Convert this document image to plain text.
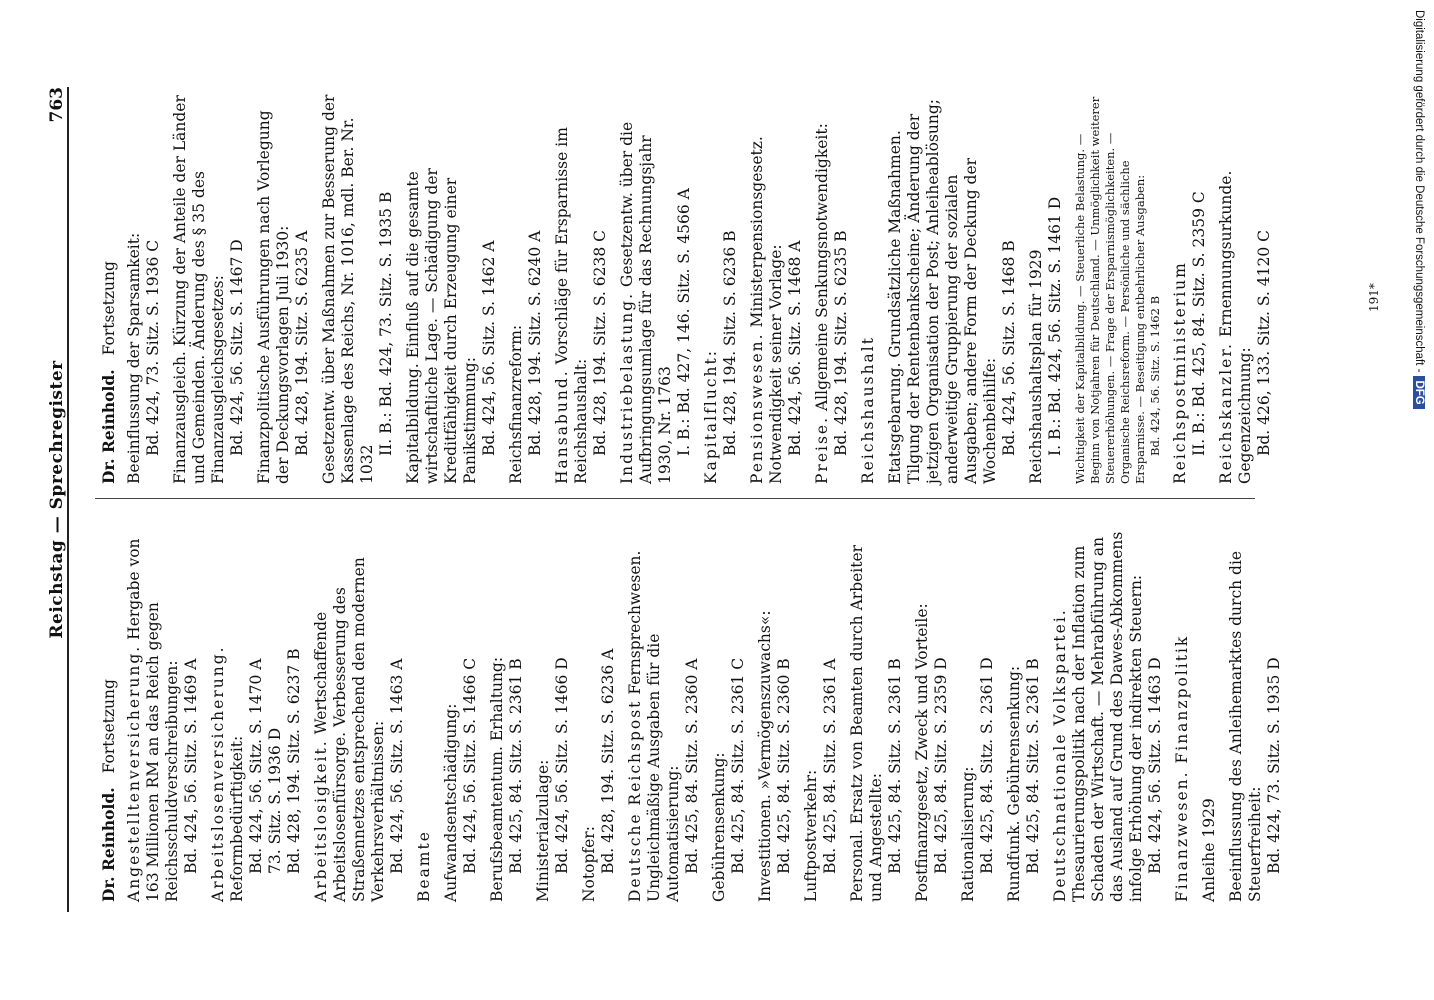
Reichstag — Sprechregister
763
Dr. Reinhold.Fortsetzung Angestelltenversicherung. Hergabe von 163 Millionen RM an das Reich gegen Reichsschuldverschreibungen: Bd. 424, 56. Sitz. S. 1469 A Arbeitslosenversicherung. Reformbedürftigkeit: Bd. 424, 56. Sitz. S. 1470 A 73. Sitz. S. 1936 D Bd. 428, 194. Sitz. S. 6237 B Arbeitslosigkeit. Wertschaffende Arbeitslosenfürsorge. Verbesserung des Straßennetzes entsprechend den modernen Verkehrsverhältnissen: Bd. 424, 56. Sitz. S. 1463 A Beamte Aufwandsentschädigung: Bd. 424, 56. Sitz. S. 1466 C Berufsbeamtentum. Erhaltung: Bd. 425, 84. Sitz. S. 2361 B Ministerialzulage: Bd. 424, 56. Sitz. S. 1466 D Notopfer: Bd. 428, 194. Sitz. S. 6236 A Deutsche Reichspost Fernsprechwesen. Ungleichmäßige Ausgaben für die Automatisierung: Bd. 425, 84. Sitz. S. 2360 A Gebührensenkung: Bd. 425, 84. Sitz. S. 2361 C Investitionen. »Vermögenszuwachs«: Bd. 425, 84. Sitz. S. 2360 B Luftpostverkehr: Bd. 425, 84. Sitz. S. 2361 A Personal. Ersatz von Beamten durch Arbeiter und Angestellte: Bd. 425, 84. Sitz. S. 2361 B Postfinanzgesetz, Zweck und Vorteile: Bd. 425, 84. Sitz. S. 2359 D Rationalisierung: Bd. 425, 84. Sitz. S. 2361 D Rundfunk. Gebührensenkung: Bd. 425, 84. Sitz. S. 2361 B Deutschnationale Volkspartei. Thesaurierungspolitik nach der Inflation zum Schaden der Wirtschaft. — Mehrabführung an das Ausland auf Grund des Dawes-Abkommens infolge Erhöhung der indirekten Steuern: Bd. 424, 56. Sitz. S. 1463 D Finanzwesen. Finanzpolitik Anleihe 1929 Beeinflussung des Anleihemarktes durch die Steuerfreiheit: Bd. 424, 73. Sitz. S. 1935 D
Dr. Reinhold.Fortsetzung Beeinflussung der Sparsamkeit: Bd. 424, 73. Sitz. S. 1936 C Finanzausgleich. Kürzung der Anteile der Länder und Gemeinden. Änderung des § 35 des Finanzausgleichsgesetzes: Bd. 424, 56. Sitz. S. 1467 D Finanzpolitische Ausführungen nach Vorlegung der Deckungsvorlagen Juli 1930: Bd. 428, 194. Sitz. S. 6235 A Gesetzentw. über Maßnahmen zur Besserung der Kassenlage des Reichs, Nr. 1016, mdl. Ber. Nr. 1032
II. B.: Bd. 424, 73. Sitz. S. 1935 B Kapitalbildung. Einfluß auf die gesamte wirtschaftliche Lage. — Schädigung der Kreditfähigkeit durch Erzeugung einer Panikstimmung: Bd. 424, 56. Sitz. S. 1462 A Reichsfinanzreform: Bd. 428, 194. Sitz. S. 6240 A Hansabund. Vorschläge für Ersparnisse im Reichshaushalt: Bd. 428, 194. Sitz. S. 6238 C Industriebelastung. Gesetzentw. über die Aufbringungsumlage für das Rechnungsjahr 1930, Nr. 1763 I. B.: Bd. 427, 146. Sitz. S. 4566 A Kapitalflucht: Bd. 428, 194. Sitz. S. 6236 B Pensionswesen. Ministerpensionsgesetz. Notwendigkeit seiner Vorlage: Bd. 424, 56. Sitz. S. 1468 A Preise. Allgemeine Senkungsnotwendigkeit: Bd. 428, 194. Sitz. S. 6235 B Reichshaushalt Etatsgebarung. Grundsätzliche Maßnahmen. Tilgung der Rentenbankscheine; Änderung der jetzigen Organisation der Post; Anleiheablösung; anderweitige Gruppierung der sozialen Ausgaben; andere Form der Deckung der Wochenbeihilfe: Bd. 424, 56. Sitz. S. 1468 B Reichshaushaltsplan für 1929 I. B.: Bd. 424, 56. Sitz. S. 1461 D Wichtigkeit der Kapitalbildung. — Steuerliche Belastung. — Beginn von Notjahren für Deutschland. — Unmöglichkeit weiterer Steuererhöhungen. — Frage der Ersparnismöglichkeiten. — Organische Reichsreform. — Persönliche und sächliche Ersparnisse. — Beseitigung entbehrlicher Ausgaben: Bd. 424, 56. Sitz. S. 1462 B Reichspostministerium II. B.: Bd. 425, 84. Sitz. S. 2359 C Reichskanzler. Ernennungsurkunde. Gegenzeichnung: Bd. 426, 133. Sitz. S. 4120 C	191*	Digitalisierung gefördert durch die Deutsche Forschungsgemeinschaft -DFG
